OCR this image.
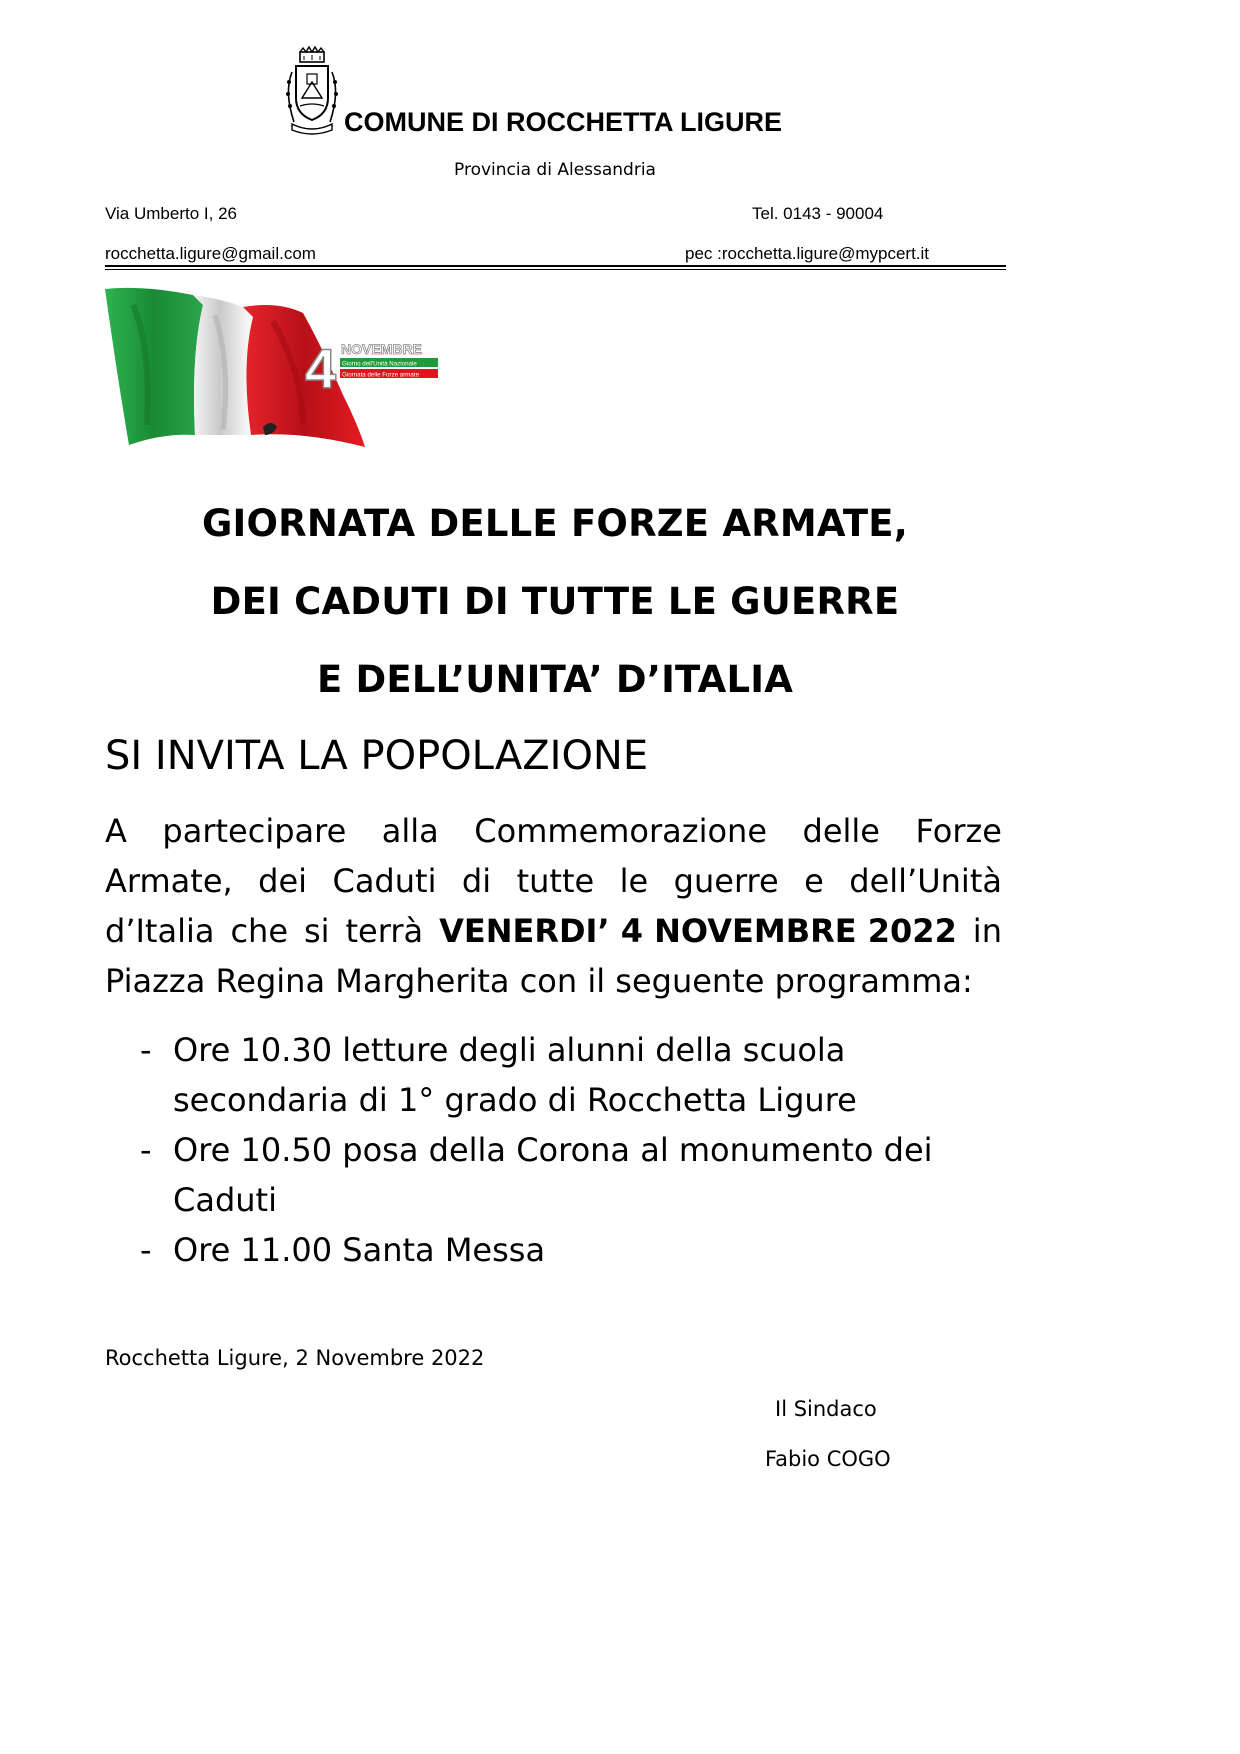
COMUNE DI ROCCHETTA LIGURE
Provincia di Alessandria
Via Umberto I, 26	Tel. 0143 - 90004
rocchetta.ligure@gmail.com	pec :rocchetta.ligure@mypcert.it
4 NOVEMBRE
Giorno dell'Unità Nazionale
Giornata delle Forze armate
GIORNATA DELLE FORZE ARMATE,
DEI CADUTI DI TUTTE LE GUERRE
E DELL’UNITA’ D’ITALIA
SI INVITA LA POPOLAZIONE
A partecipare alla Commemorazione delle Forze
Armate, dei Caduti di tutte le guerre e dell’Unità
d’Italia che si terrà VENERDI’ 4 NOVEMBRE 2022 in
Piazza Regina Margherita con il seguente programma:
- Ore 10.30 letture degli alunni della scuola
secondaria di 1° grado di Rocchetta Ligure
- Ore 10.50 posa della Corona al monumento dei
Caduti
- Ore 11.00 Santa Messa
Rocchetta Ligure, 2 Novembre 2022
Il Sindaco
Fabio COGO
